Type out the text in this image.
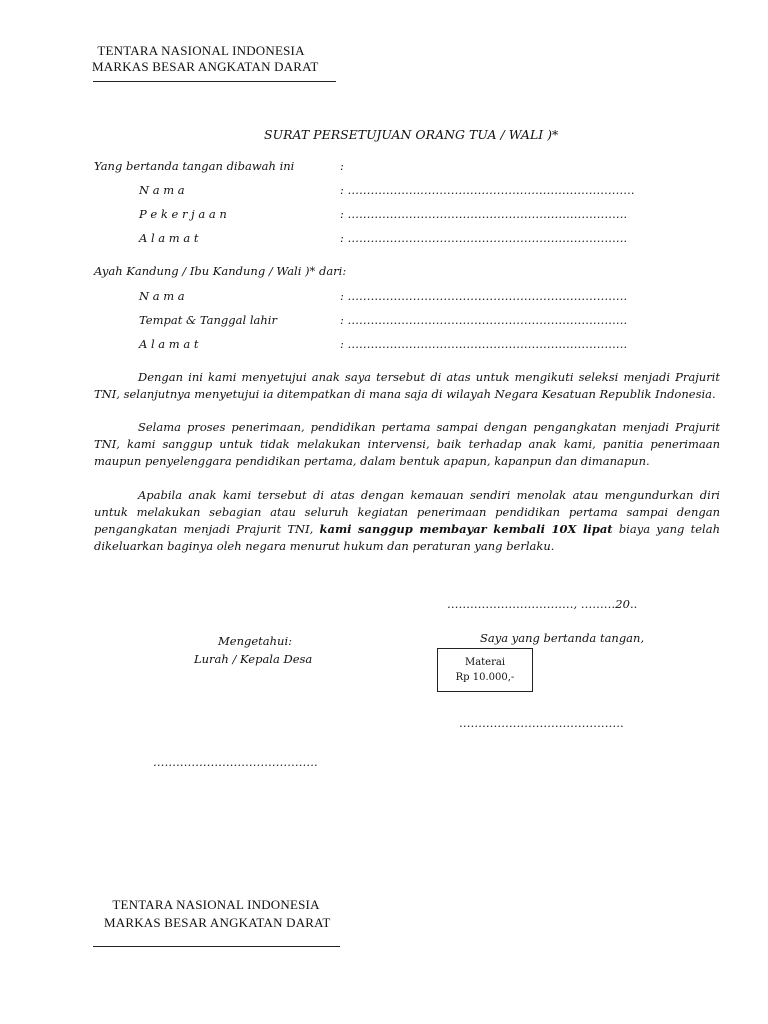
TENTARA NASIONAL INDONESIA
MARKAS BESAR ANGKATAN DARAT
SURAT PERSETUJUAN ORANG TUA / WALI )*
Yang bertanda tangan dibawah ini	:
N a m a	: ………………..……………………………………………….
P e k e r j a a n	: ……………………………………………………………….
A l a m a t	: ……………………………………………………………….
Ayah Kandung / Ibu Kandung / Wali )* dari:
N a m a	: ……………………………………………………………….
Tempat & Tanggal lahir	: ……………………………………………………………….
A l a m a t	: ……………………………………………………………….
Dengan ini kami menyetujui anak saya tersebut di atas untuk mengikuti seleksi menjadi Prajurit TNI, selanjutnya menyetujui ia ditempatkan di mana saja di wilayah Negara Kesatuan Republik Indonesia.
Selama proses penerimaan, pendidikan pertama sampai dengan pengangkatan menjadi Prajurit TNI, kami sanggup untuk tidak melakukan intervensi, baik terhadap anak kami, panitia penerimaan maupun penyelenggara pendidikan pertama, dalam bentuk apapun, kapanpun dan dimanapun.
Apabila anak kami tersebut di atas dengan kemauan sendiri menolak atau mengundurkan diri untuk melakukan sebagian atau seluruh kegiatan penerimaan pendidikan pertama sampai dengan pengangkatan menjadi Prajurit TNI, kami sanggup membayar kembali 10X lipat biaya yang telah dikeluarkan baginya oleh negara menurut hukum dan peraturan yang berlaku.
……………………………, ………20..
Mengetahui:
Lurah / Kepala Desa
Saya yang bertanda tangan,
Materai
Rp 10.000,-
…………………………………….
…………………………………….
TENTARA NASIONAL INDONESIA
MARKAS BESAR ANGKATAN DARAT
